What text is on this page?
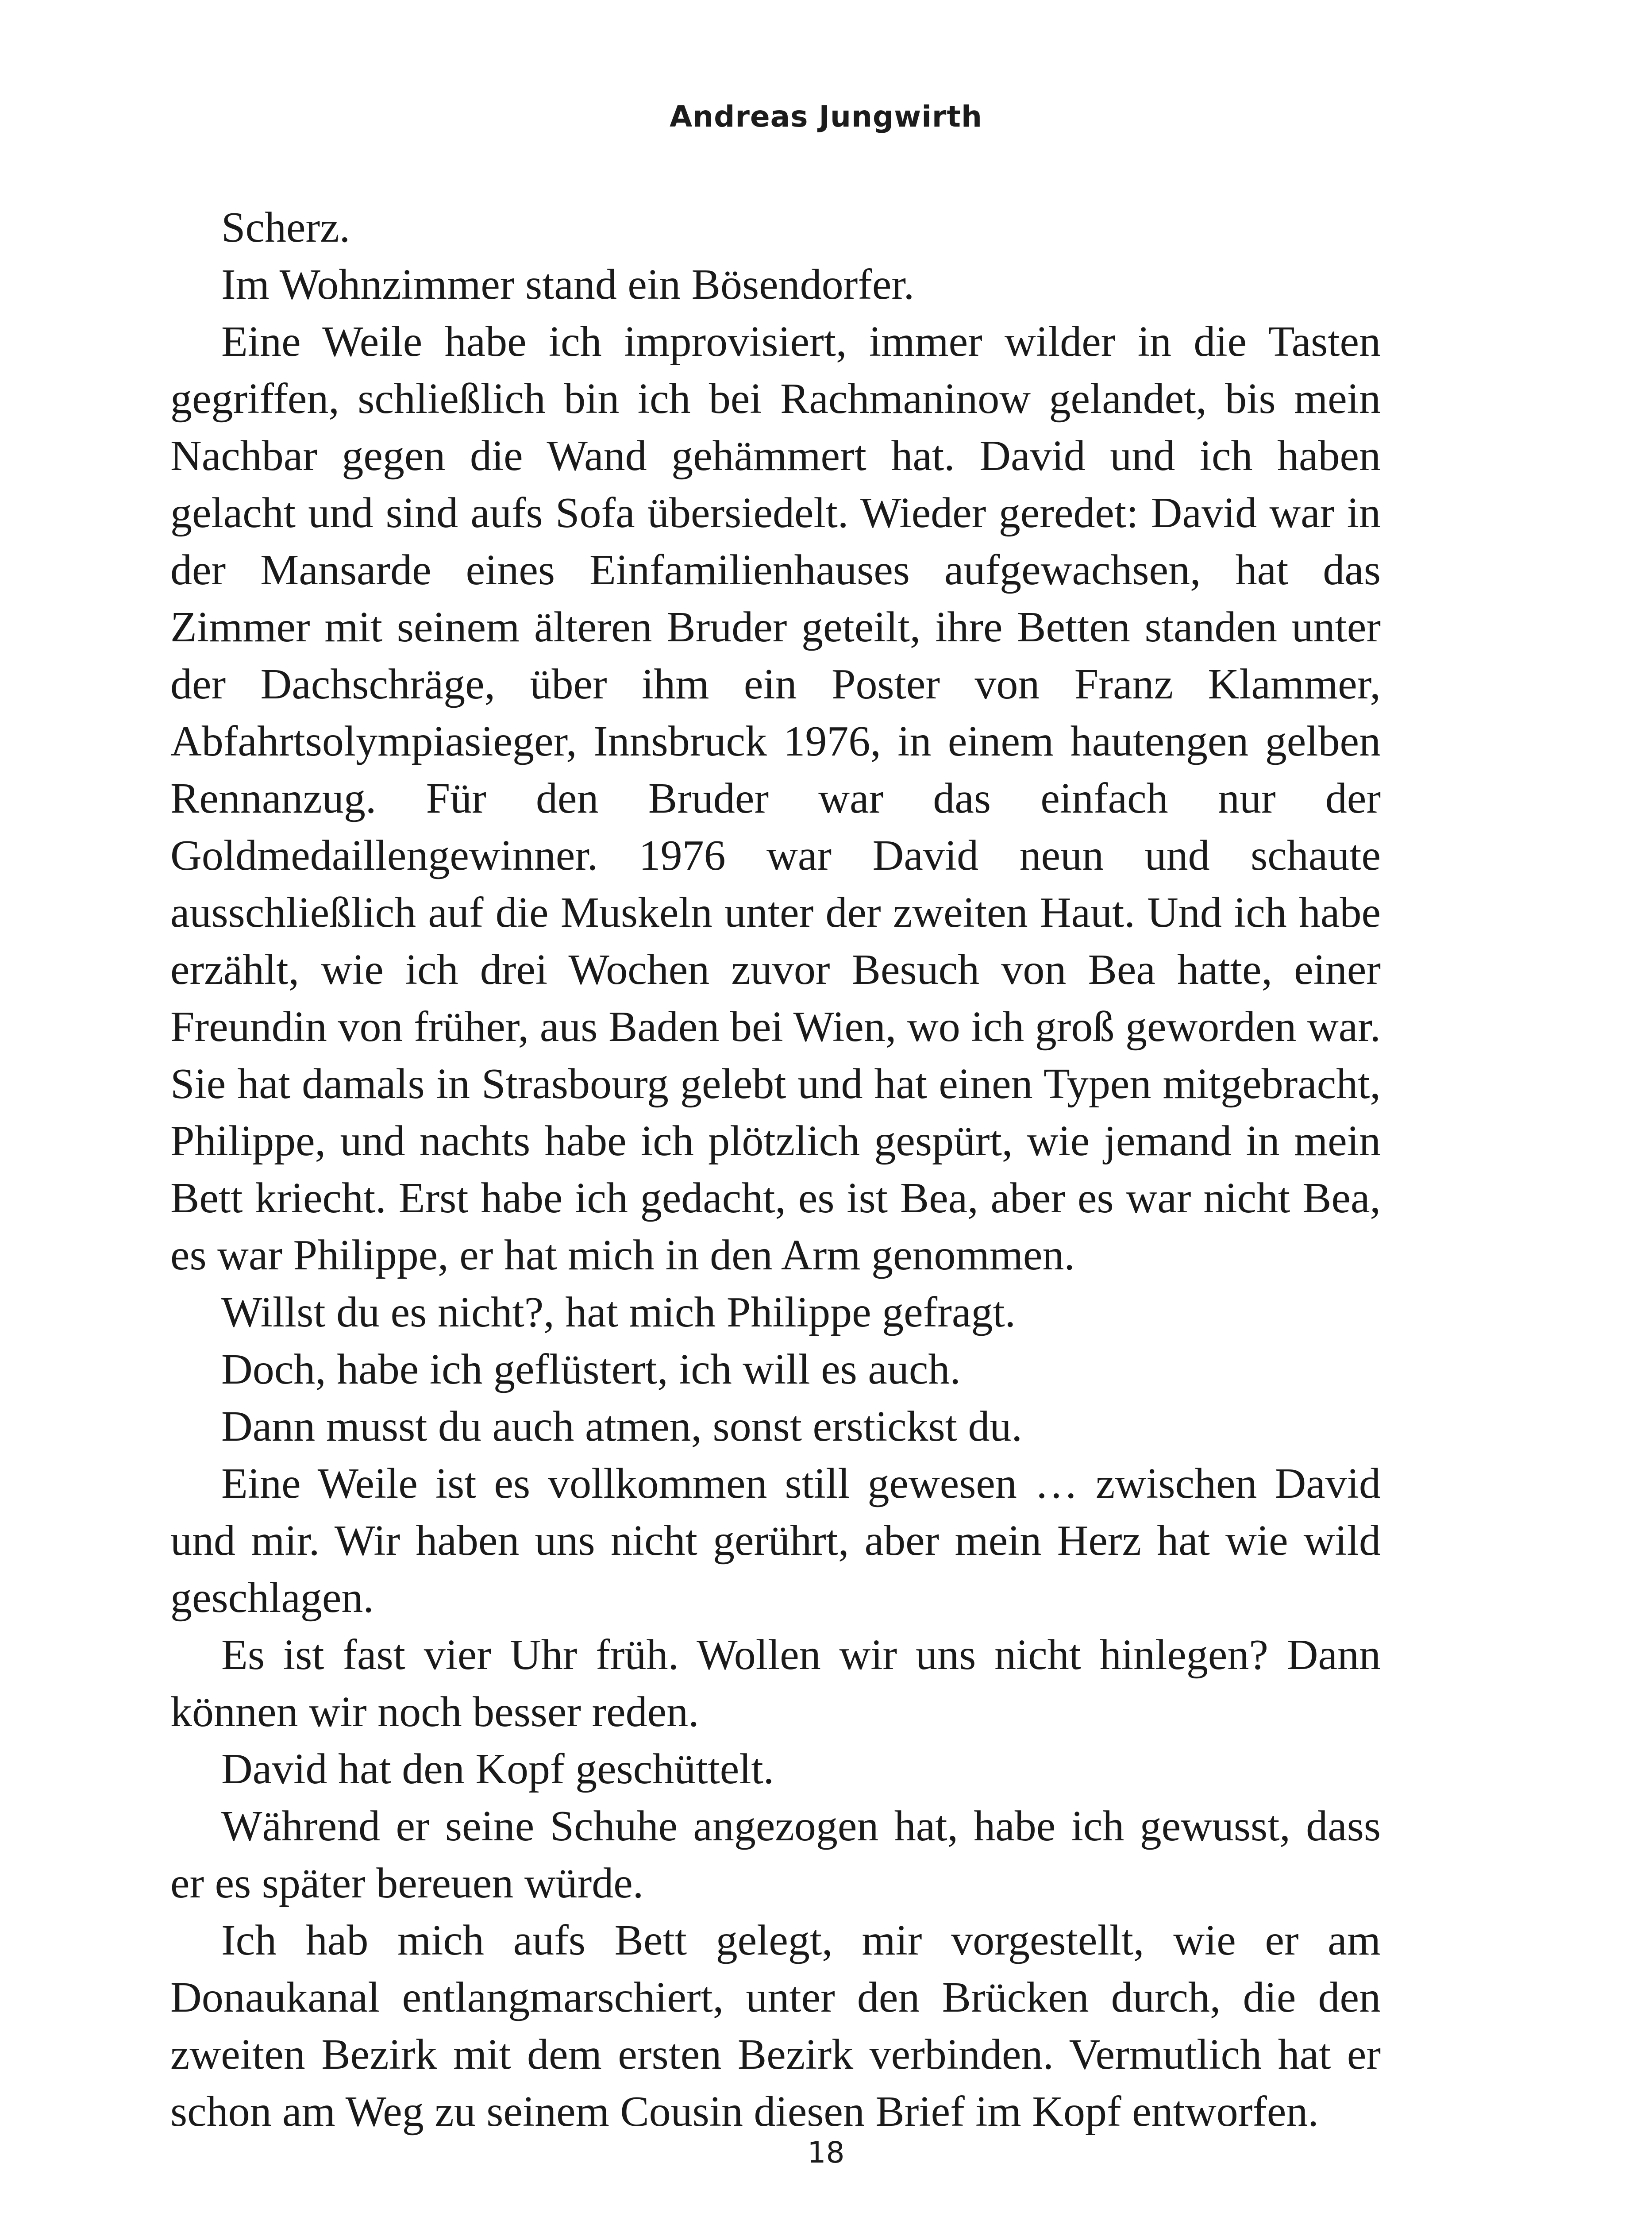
Andreas Jungwirth

Scherz.

Im Wohnzimmer stand ein Bösendorfer.

Eine Weile habe ich improvisiert, immer wilder in die Tasten gegriffen, schließlich bin ich bei Rachmaninow gelandet, bis mein Nachbar gegen die Wand gehämmert hat. David und ich haben gelacht und sind aufs Sofa übersiedelt. Wieder geredet: David war in der Mansarde eines Einfamilienhauses aufgewachsen, hat das Zimmer mit seinem älteren Bruder geteilt, ihre Betten standen unter der Dachschräge, über ihm ein Poster von Franz Klammer, Abfahrtsolympiasieger, Innsbruck 1976, in einem hautengen gelben Rennanzug. Für den Bruder war das einfach nur der Goldmedaillengewinner. 1976 war David neun und schaute ausschließlich auf die Muskeln unter der zweiten Haut. Und ich habe erzählt, wie ich drei Wochen zuvor Besuch von Bea hatte, einer Freundin von früher, aus Baden bei Wien, wo ich groß geworden war. Sie hat damals in Strasbourg gelebt und hat einen Typen mitgebracht, Philippe, und nachts habe ich plötzlich gespürt, wie jemand in mein Bett kriecht. Erst habe ich gedacht, es ist Bea, aber es war nicht Bea, es war Philippe, er hat mich in den Arm genommen.

Willst du es nicht?, hat mich Philippe gefragt.

Doch, habe ich geflüstert, ich will es auch.

Dann musst du auch atmen, sonst erstickst du.

Eine Weile ist es vollkommen still gewesen … zwischen David und mir. Wir haben uns nicht gerührt, aber mein Herz hat wie wild geschlagen.

Es ist fast vier Uhr früh. Wollen wir uns nicht hinlegen? Dann können wir noch besser reden.

David hat den Kopf geschüttelt.

Während er seine Schuhe angezogen hat, habe ich gewusst, dass er es später bereuen würde.

Ich hab mich aufs Bett gelegt, mir vorgestellt, wie er am Donaukanal entlangmarschiert, unter den Brücken durch, die den zweiten Bezirk mit dem ersten Bezirk verbinden. Vermutlich hat er schon am Weg zu seinem Cousin diesen Brief im Kopf entworfen.

18
